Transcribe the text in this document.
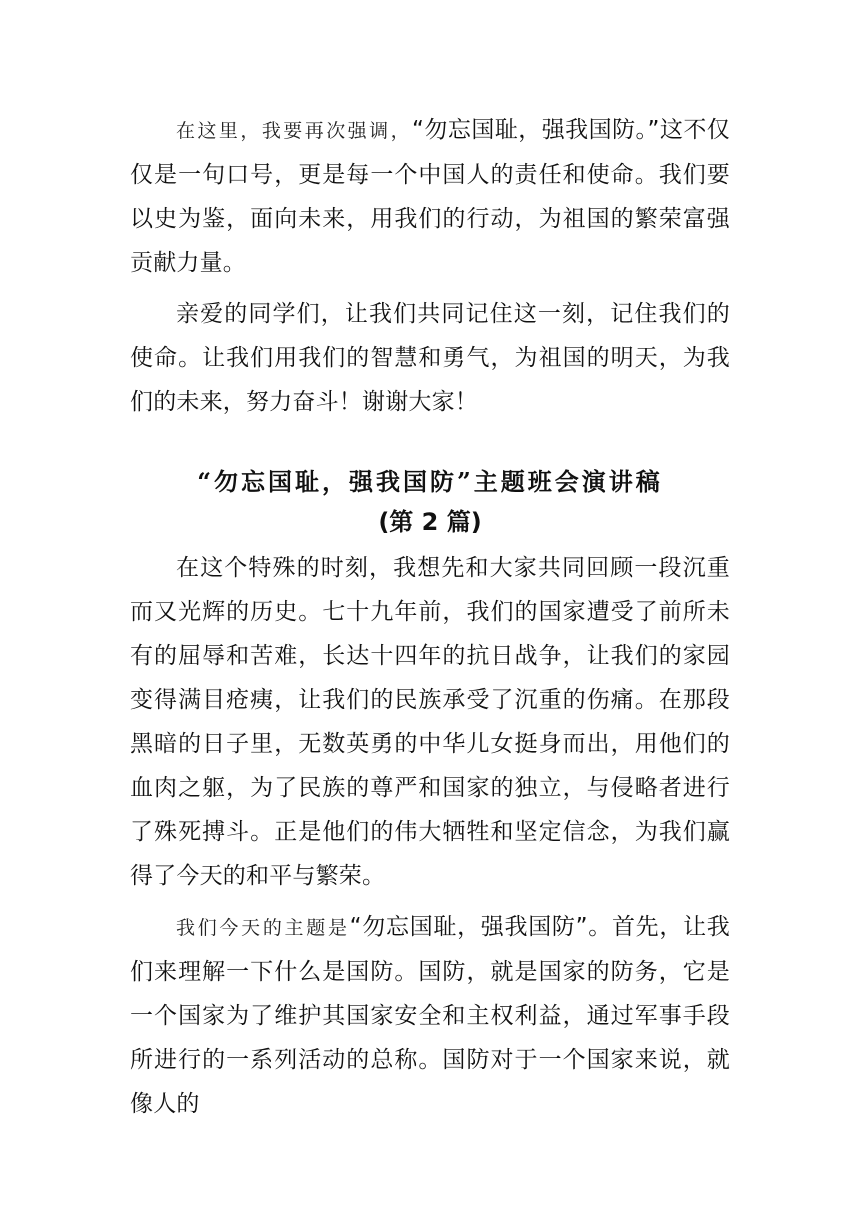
在这里，我要再次强调，“勿忘国耻，强我国防。”这不仅仅是一句口号，更是每一个中国人的责任和使命。我们要以史为鉴，面向未来，用我们的行动，为祖国的繁荣富强贡献力量。

亲爱的同学们，让我们共同记住这一刻，记住我们的使命。让我们用我们的智慧和勇气，为祖国的明天，为我们的未来，努力奋斗！谢谢大家！

“勿忘国耻，强我国防”主题班会演讲稿
(第 2 篇)

在这个特殊的时刻，我想先和大家共同回顾一段沉重而又光辉的历史。七十九年前，我们的国家遭受了前所未有的屈辱和苦难，长达十四年的抗日战争，让我们的家园变得满目疮痍，让我们的民族承受了沉重的伤痛。在那段黑暗的日子里，无数英勇的中华儿女挺身而出，用他们的血肉之躯，为了民族的尊严和国家的独立，与侵略者进行了殊死搏斗。正是他们的伟大牺牲和坚定信念，为我们赢得了今天的和平与繁荣。

我们今天的主题是“勿忘国耻，强我国防”。首先，让我们来理解一下什么是国防。国防，就是国家的防务，它是一个国家为了维护其国家安全和主权利益，通过军事手段所进行的一系列活动的总称。国防对于一个国家来说，就像人的
